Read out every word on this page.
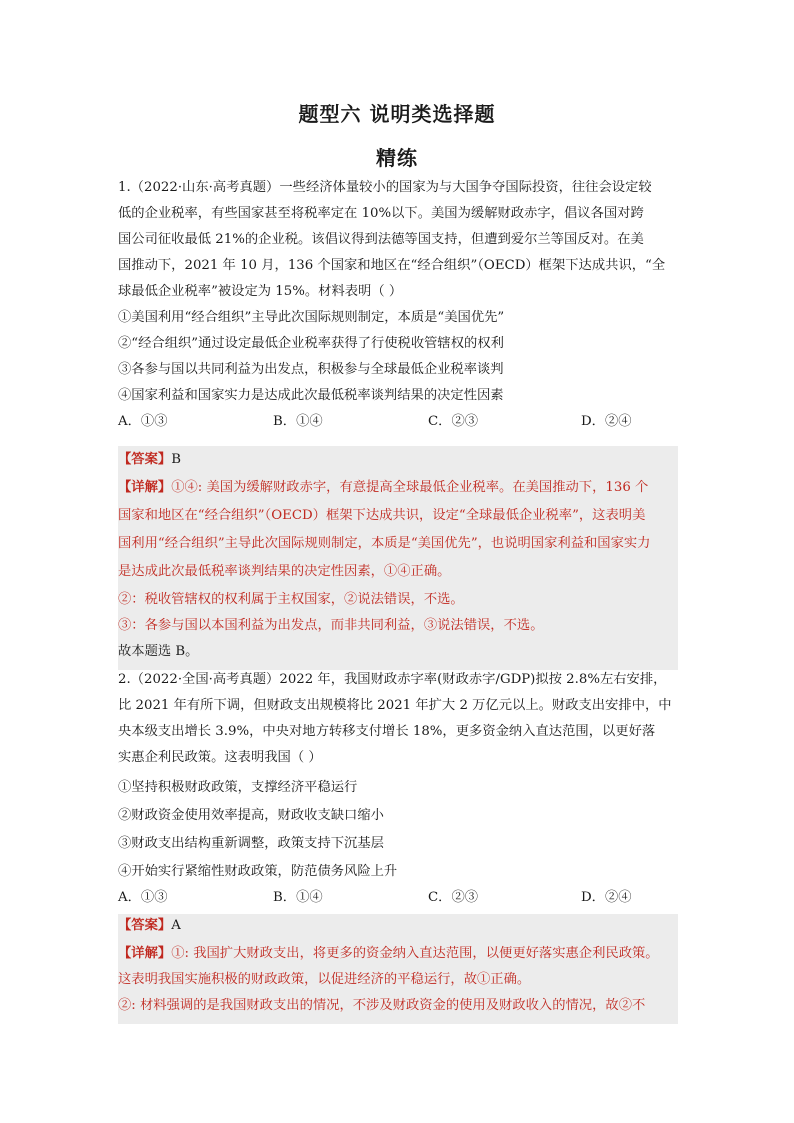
题型六 说明类选择题
精练
1.（2022·山东·高考真题）一些经济体量较小的国家为与大国争夺国际投资，往往会设定较
低的企业税率，有些国家甚至将税率定在 10%以下。美国为缓解财政赤字，倡议各国对跨
国公司征收最低 21%的企业税。该倡议得到法德等国支持，但遭到爱尔兰等国反对。在美
国推动下，2021 年 10 月，136 个国家和地区在“经合组织”（OECD）框架下达成共识，“全
球最低企业税率”被设定为 15%。材料表明（ ）
①美国利用“经合组织”主导此次国际规则制定，本质是“美国优先”
②“经合组织”通过设定最低企业税率获得了行使税收管辖权的权利
③各参与国以共同利益为出发点，积极参与全球最低企业税率谈判
④国家利益和国家实力是达成此次最低税率谈判结果的决定性因素
A．①③	B．①④	C．②③	D．②④
【答案】B
【详解】①④: 美国为缓解财政赤字，有意提高全球最低企业税率。在美国推动下，136 个
国家和地区在“经合组织”（OECD）框架下达成共识，设定“全球最低企业税率”，这表明美
国利用“经合组织”主导此次国际规则制定，本质是“美国优先”，也说明国家利益和国家实力
是达成此次最低税率谈判结果的决定性因素，①④正确。
②：税收管辖权的权利属于主权国家，②说法错误，不选。
③：各参与国以本国利益为出发点，而非共同利益，③说法错误，不选。
故本题选 B。
2.（2022·全国·高考真题）2022 年，我国财政赤字率(财政赤字/GDP)拟按 2.8%左右安排，
比 2021 年有所下调，但财政支出规模将比 2021 年扩大 2 万亿元以上。财政支出安排中，中
央本级支出增长 3.9%，中央对地方转移支付增长 18%，更多资金纳入直达范围，以更好落
实惠企利民政策。这表明我国（ ）
①坚持积极财政政策，支撑经济平稳运行
②财政资金使用效率提高，财政收支缺口缩小
③财政支出结构重新调整，政策支持下沉基层
④开始实行紧缩性财政政策，防范债务风险上升
A．①③	B．①④	C．②③	D．②④
【答案】A
【详解】①: 我国扩大财政支出，将更多的资金纳入直达范围，以便更好落实惠企利民政策。
这表明我国实施积极的财政政策，以促进经济的平稳运行，故①正确。
②: 材料强调的是我国财政支出的情况，不涉及财政资金的使用及财政收入的情况，故②不
